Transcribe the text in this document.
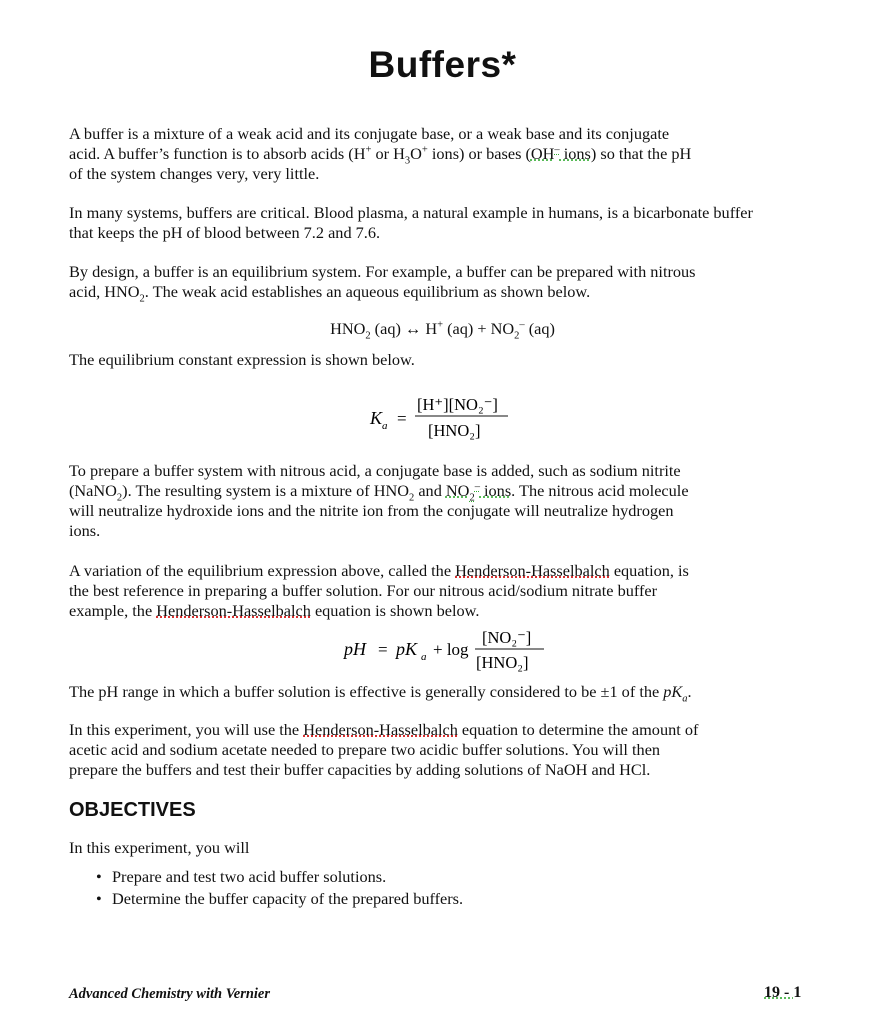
Buffers*

A buffer is a mixture of a weak acid and its conjugate base, or a weak base and its conjugate
acid. A buffer’s function is to absorb acids (H+ or $H_3O^+$ ions) or bases (OH– ions) so that the pH
of the system changes very, very little.

In many systems, buffers are critical. Blood plasma, a natural example in humans, is a bicarbonate buffer that keeps the pH of blood between 7.2 and 7.6.

By design, a buffer is an equilibrium system. For example, a buffer can be prepared with nitrous
acid, $HNO_2$. The weak acid establishes an aqueous equilibrium as shown below.

$HNO_2$ (aq) ↔ H+ $(aq) + NO_2^-$ (aq)

The equilibrium constant expression is shown below.

K a =
[H⁺][NO₂⁻]
[HNO₂]

To prepare a buffer system with nitrous acid, a conjugate base is added, such as sodium nitrite
(NaNO$_2$). The resulting system is a mixture of $HNO_2$ and $NO_2^-$ ions. The nitrous acid molecule
will neutralize hydroxide ions and the nitrite ion from the conjugate will neutralize hydrogen
ions.

A variation of the equilibrium expression above, called the Henderson-Hasselbalch equation, is
the best reference in preparing a buffer solution. For our nitrous acid/sodium nitrate buffer
example, the Henderson-Hasselbalch equation is shown below.

pH = pK a + log
[NO₂⁻]
[HNO₂]

The pH range in which a buffer solution is effective is generally considered to be ±1 of the $pK_a$.

In this experiment, you will use the Henderson-Hasselbalch equation to determine the amount of
acetic acid and sodium acetate needed to prepare two acidic buffer solutions. You will then
prepare the buffers and test their buffer capacities by adding solutions of NaOH and HCl.

OBJECTIVES

In this experiment, you will

• Prepare and test two acid buffer solutions.
• Determine the buffer capacity of the prepared buffers.
Advanced Chemistry with Vernier	19 - 1
